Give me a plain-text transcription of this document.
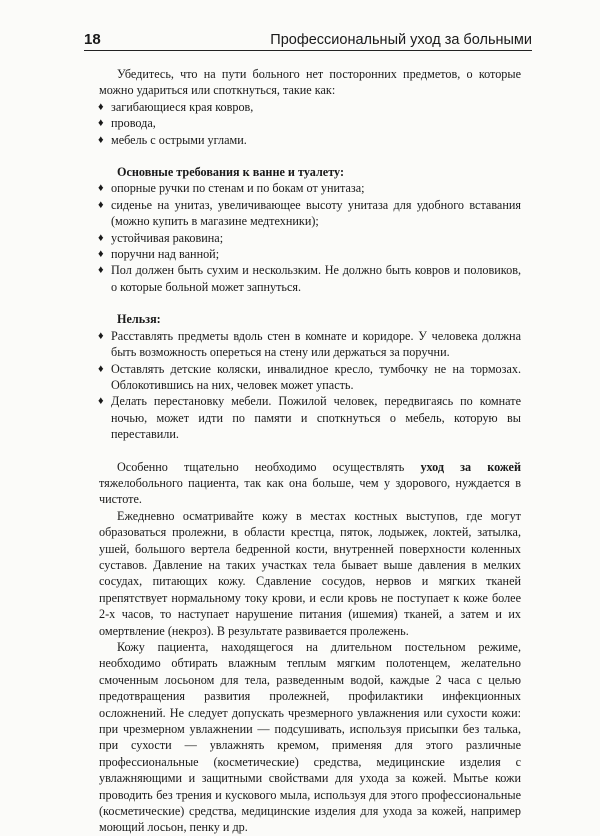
18	Профессиональный уход за больными

Убедитесь, что на пути больного нет посторонних предметов, о которые можно удариться или споткнуться, такие как:

♦ загибающиеся края ковров,
♦ провода,
♦ мебель с острыми углами.
Основные требования к ванне и туалету:
♦ опорные ручки по стенам и по бокам от унитаза;
♦ сиденье на унитаз, увеличивающее высоту унитаза для удобного вставания (можно купить в магазине медтехники);
♦ устойчивая раковина;
♦ поручни над ванной;
♦ Пол должен быть сухим и нескользким. Не должно быть ковров и половиков, о которые больной может запнуться.
Нельзя:
♦ Расставлять предметы вдоль стен в комнате и коридоре. У человека должна быть возможность опереться на стену или держаться за поручни.
♦ Оставлять детские коляски, инвалидное кресло, тумбочку не на тормозах. Облокотившись на них, человек может упасть.
♦ Делать перестановку мебели. Пожилой человек, передвигаясь по комнате ночью, может идти по памяти и споткнуться о мебель, которую вы переставили.

Особенно тщательно необходимо осуществлять уход за кожей тяжелобольного пациента, так как она больше, чем у здорового, нуждается в чистоте.

Ежедневно осматривайте кожу в местах костных выступов, где могут образоваться пролежни, в области крестца, пяток, лодыжек, локтей, затылка, ушей, большого вертела бедренной кости, внутренней поверхности коленных суставов. Давление на таких участках тела бывает выше давления в мелких сосудах, питающих кожу. Сдавление сосудов, нервов и мягких тканей препятствует нормальному току крови, и если кровь не поступает к коже более 2-х часов, то наступает нарушение питания (ишемия) тканей, а затем и их омертвление (некроз). В результате развивается пролежень.

Кожу пациента, находящегося на длительном постельном режиме, необходимо обтирать влажным теплым мягким полотенцем, желательно смоченным лосьоном для тела, разведенным водой, каждые 2 часа с целью предотвращения развития пролежней, профилактики инфекционных осложнений. Не следует допускать чрезмерного увлажнения или сухости кожи: при чрезмерном увлажнении — подсушивать, используя присыпки без талька, при сухости — увлажнять кремом, применяя для этого различные профессиональные (косметические) средства, медицинские изделия с увлажняющими и защитными свойствами для ухода за кожей. Мытье кожи проводить без трения и кускового мыла, используя для этого профессиональные (косметические) средства, медицинские изделия для ухода за кожей, например моющий лосьон, пенку и др.
